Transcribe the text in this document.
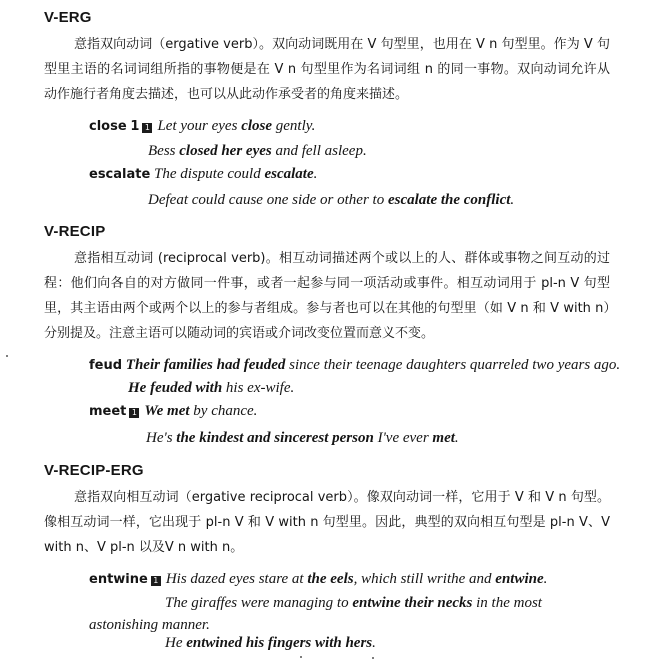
V-ERG

意指双向动词（ergative verb）。双向动词既用在 V 句型里，也用在 V n 句型里。作为 V 句型里主语的名词词组所指的事物便是在 V n 句型里作为名词词组 n 的同一事物。双向动词允许从动作施行者角度去描述，也可以从此动作承受者的角度来描述。

close 1 1 Let your eyes close gently.
Bess closed her eyes and fell asleep.
escalate The dispute could escalate.
Defeat could cause one side or other to escalate the conflict.
V-RECIP

意指相互动词 (reciprocal verb)。相互动词描述两个或以上的人、群体或事物之间互动的过程：他们向各自的对方做同一件事，或者一起参与同一项活动或事件。相互动词用于 pl-n V 句型里，其主语由两个或两个以上的参与者组成。参与者也可以在其他的句型里（如 V n 和 V with n）分别提及。注意主语可以随动词的宾语或介词改变位置而意义不变。

feud Their families had feuded since their teenage daughters quarreled two years ago.
He feuded with his ex-wife.
meet 1 We met by chance.
He's the kindest and sincerest person I've ever met.
V-RECIP-ERG

意指双向相互动词（ergative reciprocal verb）。像双向动词一样，它用于 V 和 V n 句型。像相互动词一样，它出现于 pl-n V 和 V with n 句型里。因此，典型的双向相互句型是 pl-n V、V with n、V pl-n 以及V n with n。

entwine 1 His dazed eyes stare at the eels, which still writhe and entwine.
The giraffes were managing to entwine their necks in the most astonishing manner.
He entwined his fingers with hers.
